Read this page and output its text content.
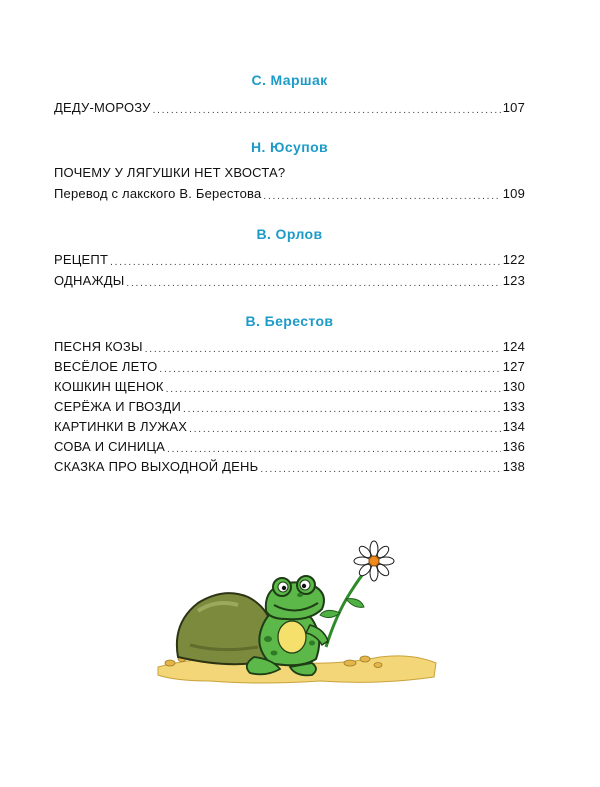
С. Маршак
ДЕДУ-МОРОЗУ . . .	107
Н. Юсупов
ПОЧЕМУ У ЛЯГУШКИ НЕТ ХВОСТА?
Перевод с лакского В. Берестова . . .	109
В. Орлов
РЕЦЕПТ . . .	122
ОДНАЖДЫ . . .	123
В. Берестов
ПЕСНЯ КОЗЫ . . .	124
ВЕСЁЛОЕ ЛЕТО . . .	127
КОШКИН ЩЕНОК . . .	130
СЕРЁЖА И ГВОЗДИ . . .	133
КАРТИНКИ В ЛУЖАХ . . .	134
СОВА И СИНИЦА . . .	136
СКАЗКА ПРО ВЫХОДНОЙ ДЕНЬ . . .	138
